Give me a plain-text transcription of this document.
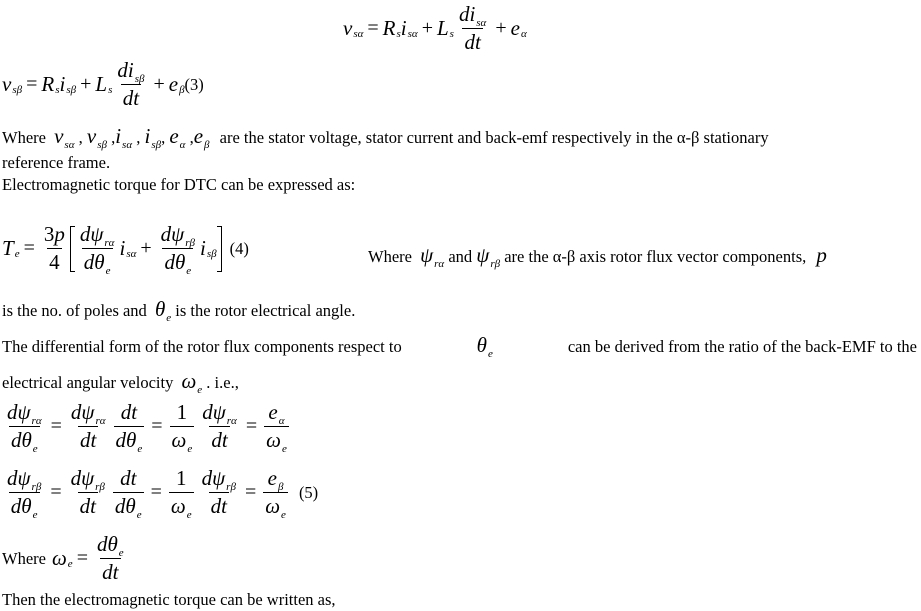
v sα = R s i sα + L s $\frac{di_{s\alpha}}{dt} + e$ α
v sβ = R s i sβ + L s $\frac{di_{s\beta}}{dt} + e$ β (3)
Where $v_{s\alpha}$ , $v_{s\beta}$ $,i_{s\alpha}$ , $i_{s\beta}$, $e_\alpha$ $,e_\beta$ are the stator voltage, stator current and back-emf respectively in the α-β stationary
reference frame.
Electromagnetic torque for DTC can be expressed as:
T $e = \frac{3p}{4} \frac{d\psi_{r\alpha}}{d\theta_e}$ i $s\alpha + \frac{d\psi_{r\beta}}{d\theta_e}$ i sβ (4)	Where $\psi_{r\alpha}$ and $\psi_{r\beta}$ are the α-β axis rotor flux vector components, p
is the no. of poles and $\theta_e$ is the rotor electrical angle.
The differential form of the rotor flux components respect to	$\theta_e$	can be derived from the ratio of the back-EMF to the
electrical angular velocity $\omega_e$ . i.e.,
$\frac{d\psi_{r\alpha}}{d\theta_e} = \frac{d\psi_{r\alpha}}{dt} \frac{dt}{d\theta_e} = \frac{1}{\omega_e} \frac{d\psi_{r\alpha}}{dt} = \frac{e_\alpha}{\omega_e}$
$\frac{d\psi_{r\beta}}{d\theta_e} = \frac{d\psi_{r\beta}}{dt} \frac{dt}{d\theta_e} = \frac{1}{\omega_e} \frac{d\psi_{r\beta}}{dt} = \frac{e_\beta}{\omega_e} (5)$
Where ω $e = \frac{d\theta_e}{dt}$
Then the electromagnetic torque can be written as,
